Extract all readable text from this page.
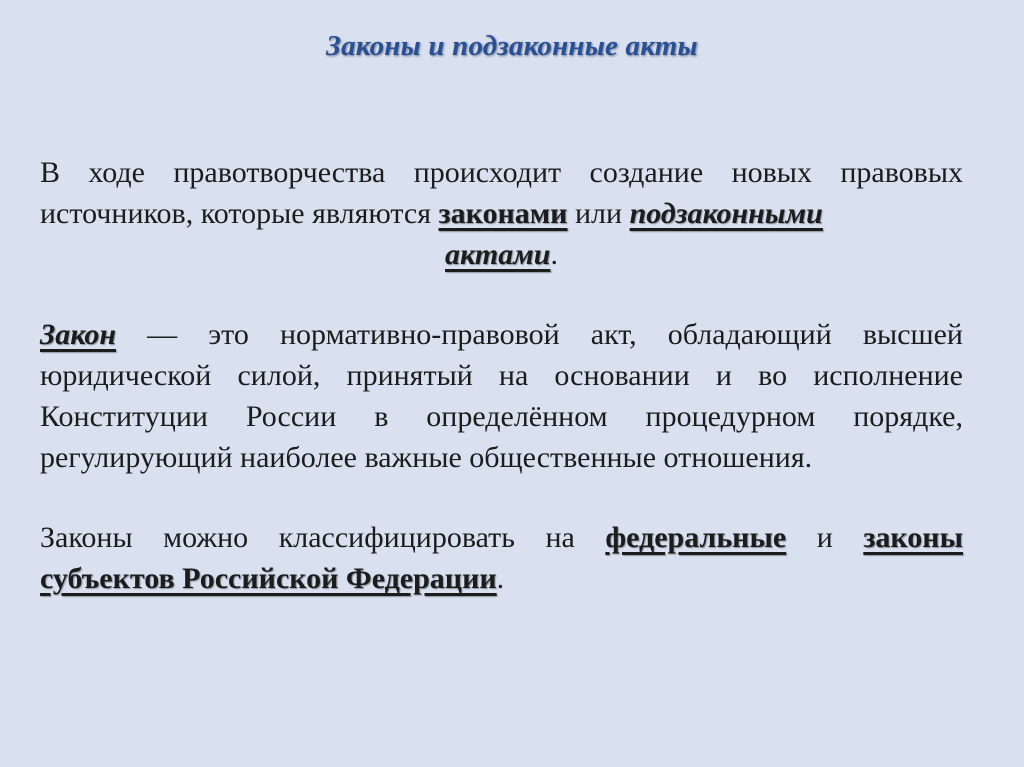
Законы и подзаконные акты

В ходе правотворчества происходит создание новых правовых источников, которые являются законами или подзаконными

актами.

Закон — это нормативно-правовой акт, обладающий высшей юридической силой, принятый на основании и во исполнение Конституции России в определённом процедурном порядке, регулирующий наиболее важные общественные отношения.

Законы можно классифицировать на федеральные и законы субъектов Российской Федерации.
